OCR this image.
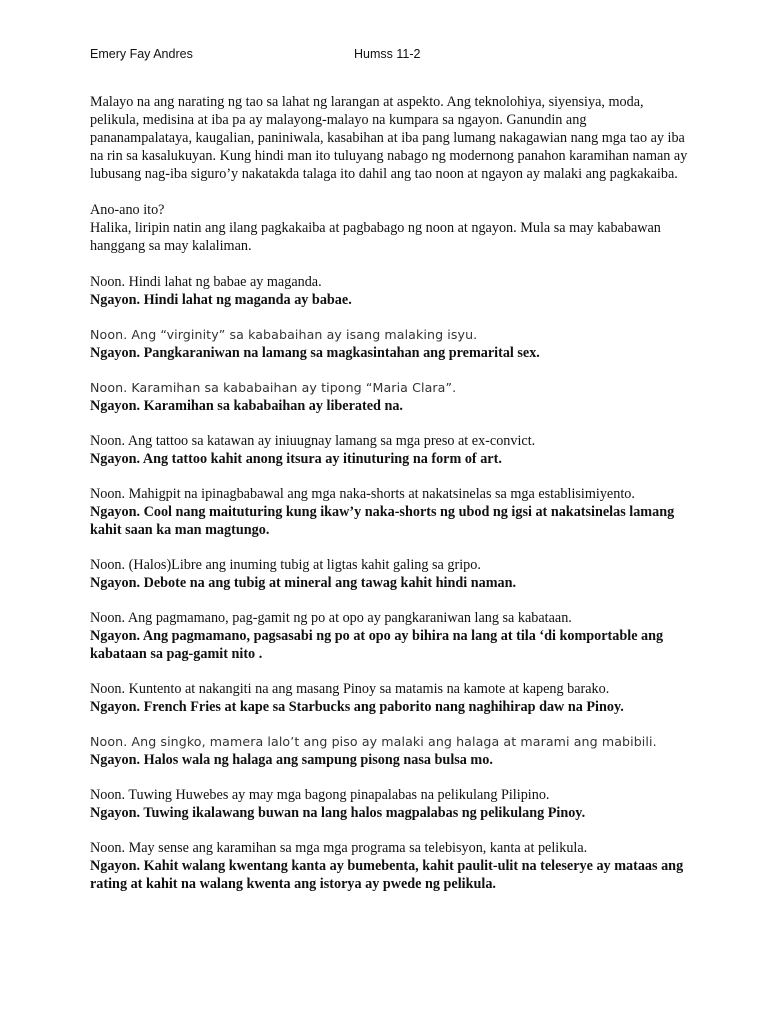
Emery Fay Andres	Humss 11-2

Malayo na ang narating ng tao sa lahat ng larangan at aspekto. Ang teknolohiya, siyensiya, moda, pelikula, medisina at iba pa ay malayong-malayo na kumpara sa ngayon. Ganundin ang pananampalataya, kaugalian, paniniwala, kasabihan at iba pang lumang nakagawian nang mga tao ay iba na rin sa kasalukuyan. Kung hindi man ito tuluyang nabago ng modernong panahon karamihan naman ay lubusang nag-iba siguro’y nakatakda talaga ito dahil ang tao noon at ngayon ay malaki ang pagkakaiba.

Ano-ano ito?

Halika, liripin natin ang ilang pagkakaiba at pagbabago ng noon at ngayon. Mula sa may kababawan hanggang sa may kalaliman.

Noon. Hindi lahat ng babae ay maganda.

Ngayon. Hindi lahat ng maganda ay babae.

Noon. Ang “virginity” sa kababaihan ay isang malaking isyu.

Ngayon. Pangkaraniwan na lamang sa magkasintahan ang premarital sex.

Noon. Karamihan sa kababaihan ay tipong “Maria Clara”.

Ngayon. Karamihan sa kababaihan ay liberated na.

Noon. Ang tattoo sa katawan ay iniuugnay lamang sa mga preso at ex-convict.

Ngayon. Ang tattoo kahit anong itsura ay itinuturing na form of art.

Noon. Mahigpit na ipinagbabawal ang mga naka-shorts at nakatsinelas sa mga establisimiyento.

Ngayon. Cool nang maituturing kung ikaw’y naka-shorts ng ubod ng igsi at nakatsinelas lamang kahit saan ka man magtungo.

Noon. (Halos)Libre ang inuming tubig at ligtas kahit galing sa gripo.

Ngayon. Debote na ang tubig at mineral ang tawag kahit hindi naman.

Noon. Ang pagmamano, pag-gamit ng po at opo ay pangkaraniwan lang sa kabataan.

Ngayon. Ang pagmamano, pagsasabi ng po at opo ay bihira na lang at tila ‘di komportable ang kabataan sa pag-gamit nito .

Noon. Kuntento at nakangiti na ang masang Pinoy sa matamis na kamote at kapeng barako.

Ngayon. French Fries at kape sa Starbucks ang paborito nang naghihirap daw na Pinoy.

Noon. Ang singko, mamera lalo’t ang piso ay malaki ang halaga at marami ang mabibili.

Ngayon. Halos wala ng halaga ang sampung pisong nasa bulsa mo.

Noon. Tuwing Huwebes ay may mga bagong pinapalabas na pelikulang Pilipino.

Ngayon. Tuwing ikalawang buwan na lang halos magpalabas ng pelikulang Pinoy.

Noon. May sense ang karamihan sa mga mga programa sa telebisyon, kanta at pelikula.

Ngayon. Kahit walang kwentang kanta ay bumebenta, kahit paulit-ulit na teleserye ay mataas ang rating at kahit na walang kwenta ang istorya ay pwede ng pelikula.
